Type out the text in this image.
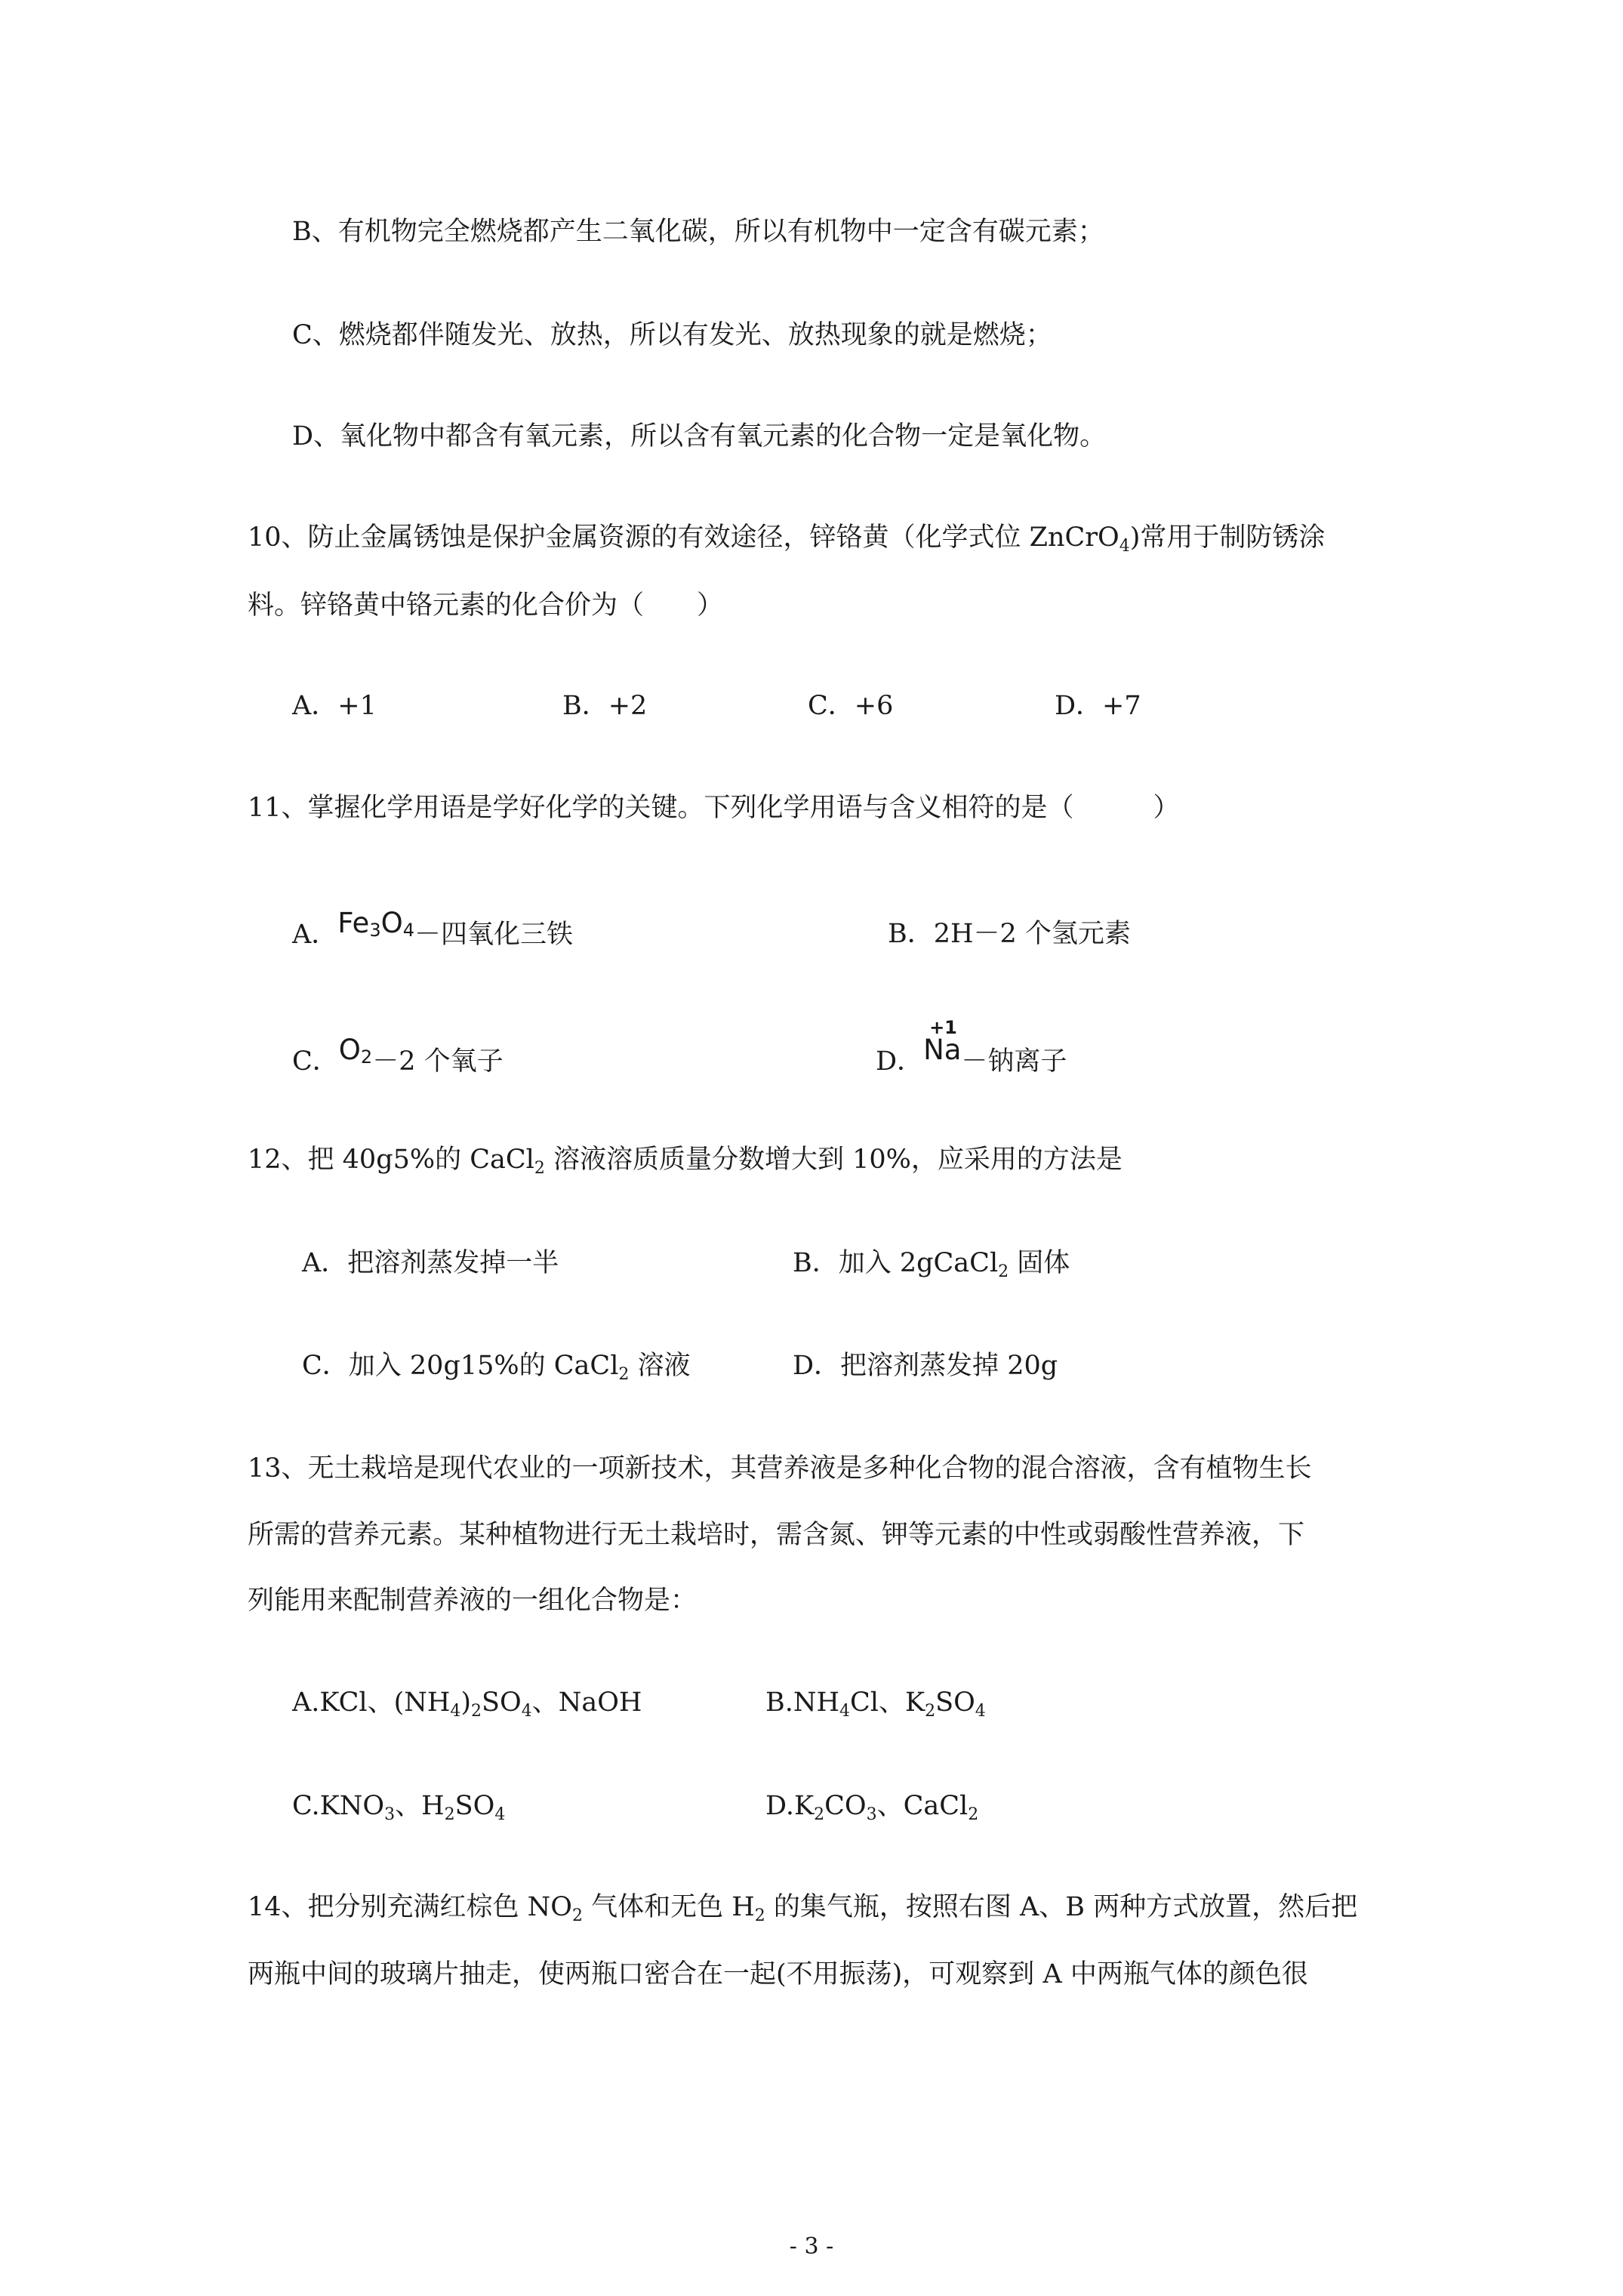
B、有机物完全燃烧都产生二氧化碳，所以有机物中一定含有碳元素；
C、燃烧都伴随发光、放热，所以有发光、放热现象的就是燃烧；
D、氧化物中都含有氧元素，所以含有氧元素的化合物一定是氧化物。
10、防止金属锈蚀是保护金属资源的有效途径，锌铬黄（化学式位 ZnCrO$_4$)常用于制防锈涂
料。锌铬黄中铬元素的化合价为（　　）
A．+1	B．+2	C．+6	D．+7
11、掌握化学用语是学好化学的关键。下列化学用语与含义相符的是（　　　）
A．$Fe_3O_4-$四氧化三铁	B．2H－2 个氢元素
C．$O_2-2$ 个氧子	D．
+1
Na－钠离子
12、把 40g5%的 CaCl$_2$ 溶液溶质质量分数增大到 10%，应采用的方法是
A．把溶剂蒸发掉一半	B．加入 2gCaCl$_2$ 固体
C．加入 20g15%的 CaCl$_2$ 溶液	D．把溶剂蒸发掉 20g
13、无土栽培是现代农业的一项新技术，其营养液是多种化合物的混合溶液，含有植物生长
所需的营养元素。某种植物进行无土栽培时，需含氮、钾等元素的中性或弱酸性营养液，下
列能用来配制营养液的一组化合物是：
A.KCl、$(NH_4)_2SO_4$、NaOH	$B.NH_4Cl$、$K_2SO_4$
$C.KNO_3$、$H_2SO_4$	$D.K_2CO_3$、CaCl$_2$
14、把分别充满红棕色 $NO_2$ 气体和无色 $H_2$ 的集气瓶，按照右图 A、B 两种方式放置，然后把
两瓶中间的玻璃片抽走，使两瓶口密合在一起(不用振荡)，可观察到 A 中两瓶气体的颜色很
- 3 -
